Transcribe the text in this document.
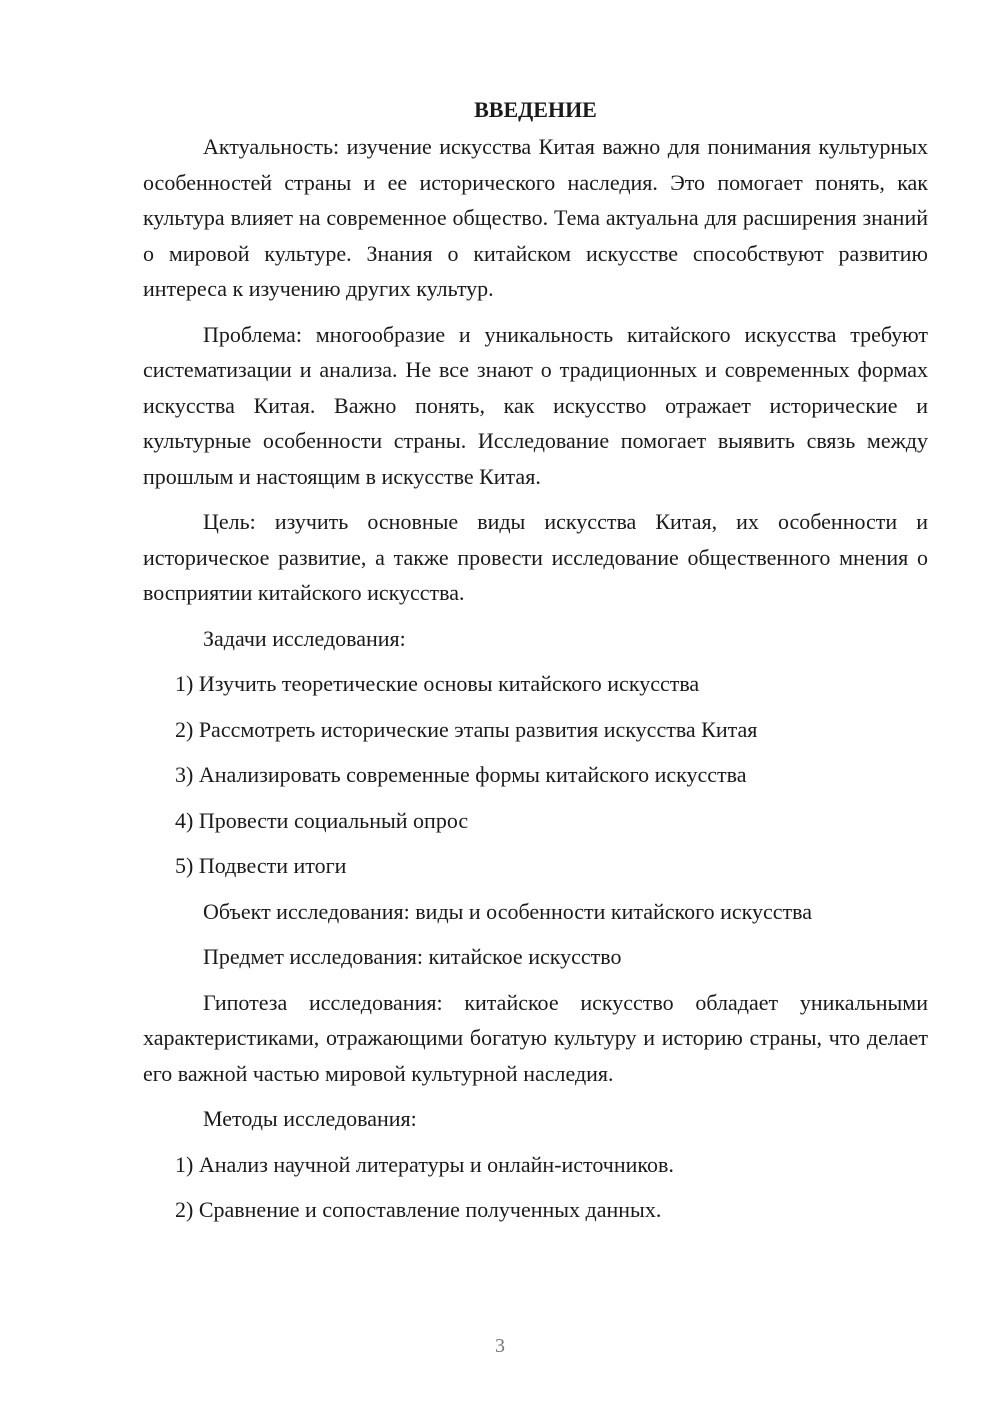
ВВЕДЕНИЕ

Актуальность: изучение искусства Китая важно для понимания культурных особенностей страны и ее исторического наследия. Это помогает понять, как культура влияет на современное общество. Тема актуальна для расширения знаний о мировой культуре. Знания о китайском искусстве способствуют развитию интереса к изучению других культур.

Проблема: многообразие и уникальность китайского искусства требуют систематизации и анализа. Не все знают о традиционных и современных формах искусства Китая. Важно понять, как искусство отражает исторические и культурные особенности страны. Исследование помогает выявить связь между прошлым и настоящим в искусстве Китая.

Цель: изучить основные виды искусства Китая, их особенности и историческое развитие, а также провести исследование общественного мнения о восприятии китайского искусства.

Задачи исследования:
1) Изучить теоретические основы китайского искусства
2) Рассмотреть исторические этапы развития искусства Китая
3) Анализировать современные формы китайского искусства
4) Провести социальный опрос
5) Подвести итоги
Объект исследования: виды и особенности китайского искусства
Предмет исследования: китайское искусство

Гипотеза исследования: китайское искусство обладает уникальными характеристиками, отражающими богатую культуру и историю страны, что делает его важной частью мировой культурной наследия.

Методы исследования:
1) Анализ научной литературы и онлайн-источников.
2) Сравнение и сопоставление полученных данных.
3
